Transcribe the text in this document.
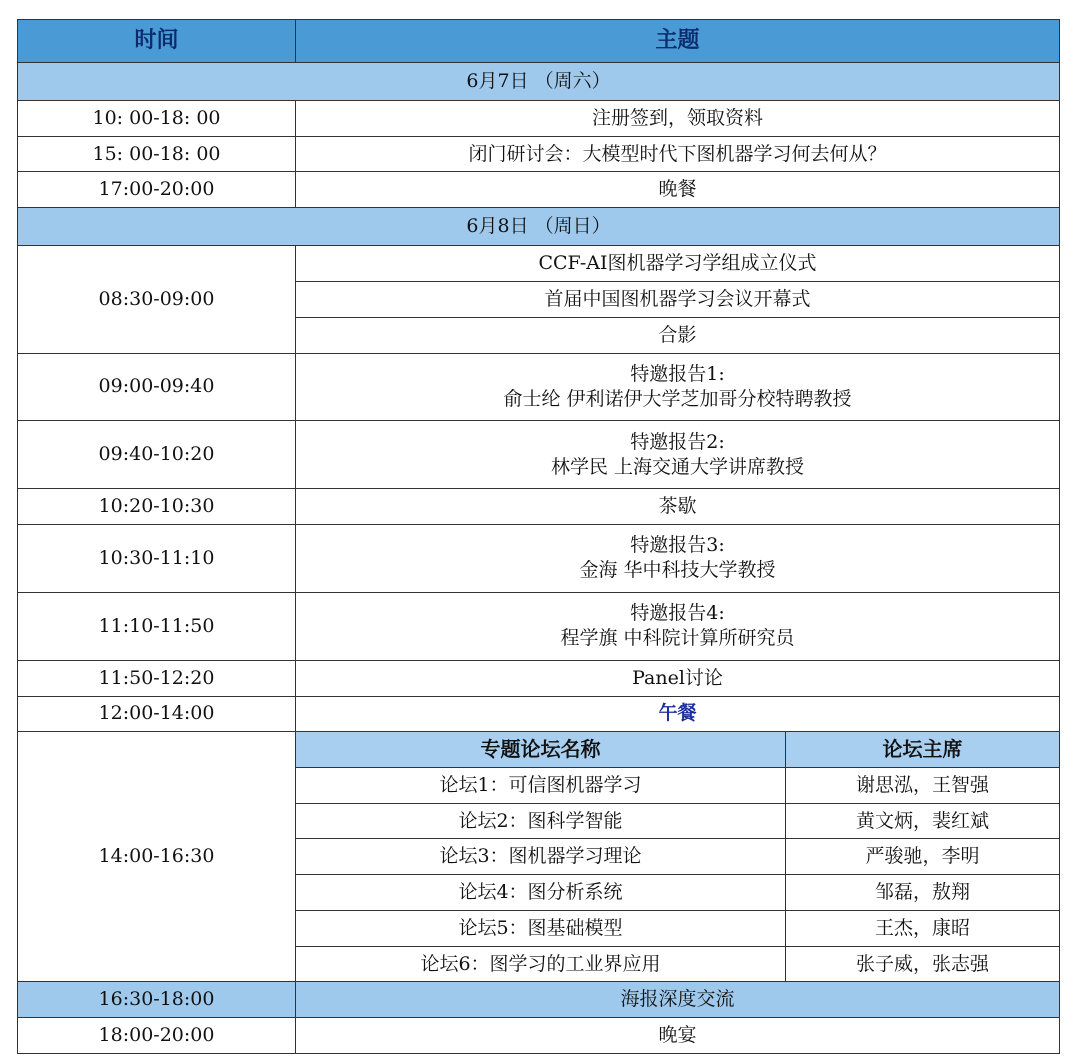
时间	主题	
6月7日 （周六）		
10: 00-18: 00	注册签到，领取资料	
15: 00-18: 00	闭门研讨会：大模型时代下图机器学习何去何从？	
17:00-20:00	晚餐	
6月8日 （周日）		
08:30-09:00	CCF-AI图机器学习学组成立仪式	
	首届中国图机器学习会议开幕式	
	合影	
09:00-09:40	特邀报告1:
俞士纶 伊利诺伊大学芝加哥分校特聘教授	

09:40-10:20	特邀报告2:
林学民 上海交通大学讲席教授	

10:20-10:30	茶歇	
10:30-11:10	特邀报告3:
金海 华中科技大学教授	

11:10-11:50	特邀报告4:
程学旗 中科院计算所研究员	

11:50-12:20	Panel讨论	
12:00-14:00	午餐	
14:00-16:30	专题论坛名称	论坛主席
	论坛1：可信图机器学习	谢思泓，王智强
	论坛2：图科学智能	黄文炳，裴红斌
	论坛3：图机器学习理论	严骏驰，李明
	论坛4：图分析系统	邹磊，敖翔
	论坛5：图基础模型	王杰，康昭
	论坛6：图学习的工业界应用	张子威，张志强
16:30-18:00	海报深度交流	
18:00-20:00	晚宴	
